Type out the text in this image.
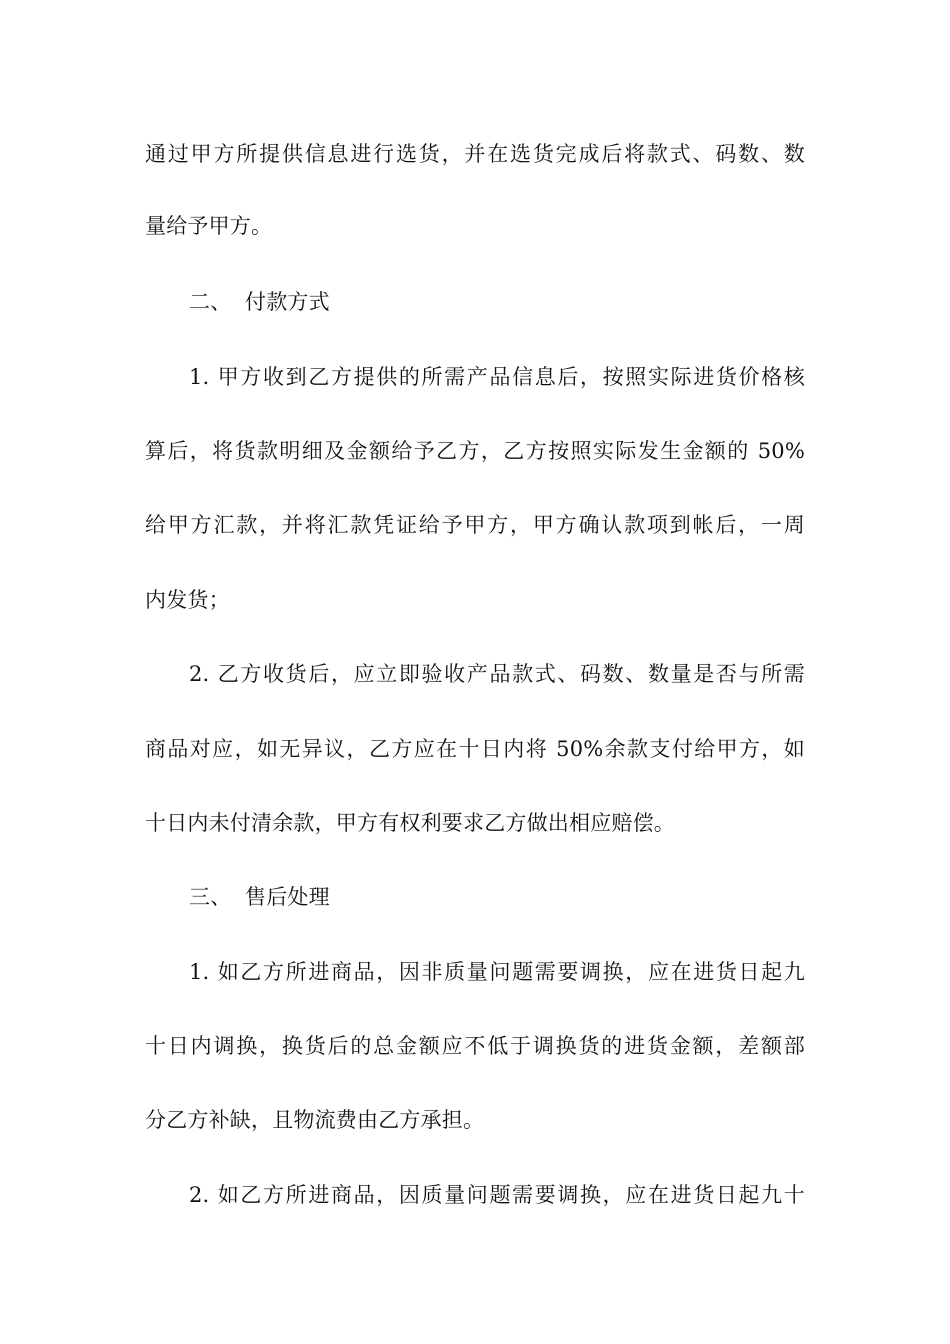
通过甲方所提供信息进行选货，并在选货完成后将款式、码数、数
量给予甲方。
二、 付款方式
1. 甲方收到乙方提供的所需产品信息后，按照实际进货价格核
算后，将货款明细及金额给予乙方，乙方按照实际发生金额的 50%
给甲方汇款，并将汇款凭证给予甲方，甲方确认款项到帐后，一周
内发货；
2. 乙方收货后，应立即验收产品款式、码数、数量是否与所需
商品对应，如无异议，乙方应在十日内将 50%余款支付给甲方，如
十日内未付清余款，甲方有权利要求乙方做出相应赔偿。
三、 售后处理
1. 如乙方所进商品，因非质量问题需要调换，应在进货日起九
十日内调换，换货后的总金额应不低于调换货的进货金额，差额部
分乙方补缺，且物流费由乙方承担。
2. 如乙方所进商品，因质量问题需要调换，应在进货日起九十
